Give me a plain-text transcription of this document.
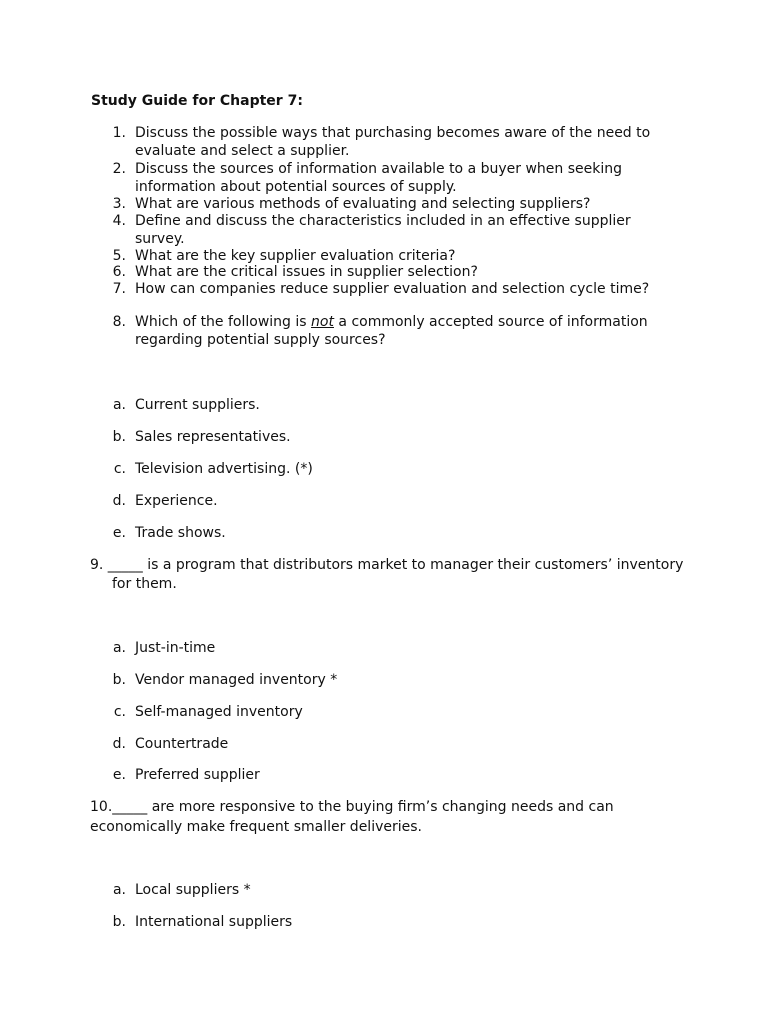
Study Guide for Chapter 7:
1. Discuss the possible ways that purchasing becomes aware of the need to
evaluate and select a supplier.
2. Discuss the sources of information available to a buyer when seeking
information about potential sources of supply.
3. What are various methods of evaluating and selecting suppliers?
4. Define and discuss the characteristics included in an effective supplier
survey.
5. What are the key supplier evaluation criteria?
6. What are the critical issues in supplier selection?
7. How can companies reduce supplier evaluation and selection cycle time?
8. Which of the following is not a commonly accepted source of information
regarding potential supply sources?
a. Current suppliers.
b. Sales representatives.
c. Television advertising. (*)
d. Experience.
e. Trade shows.
9. _____ is a program that distributors market to manager their customers’ inventory
for them.
a. Just-in-time
b. Vendor managed inventory *
c. Self-managed inventory
d. Countertrade
e. Preferred supplier
10._____ are more responsive to the buying firm’s changing needs and can
economically make frequent smaller deliveries.
a. Local suppliers *
b. International suppliers
